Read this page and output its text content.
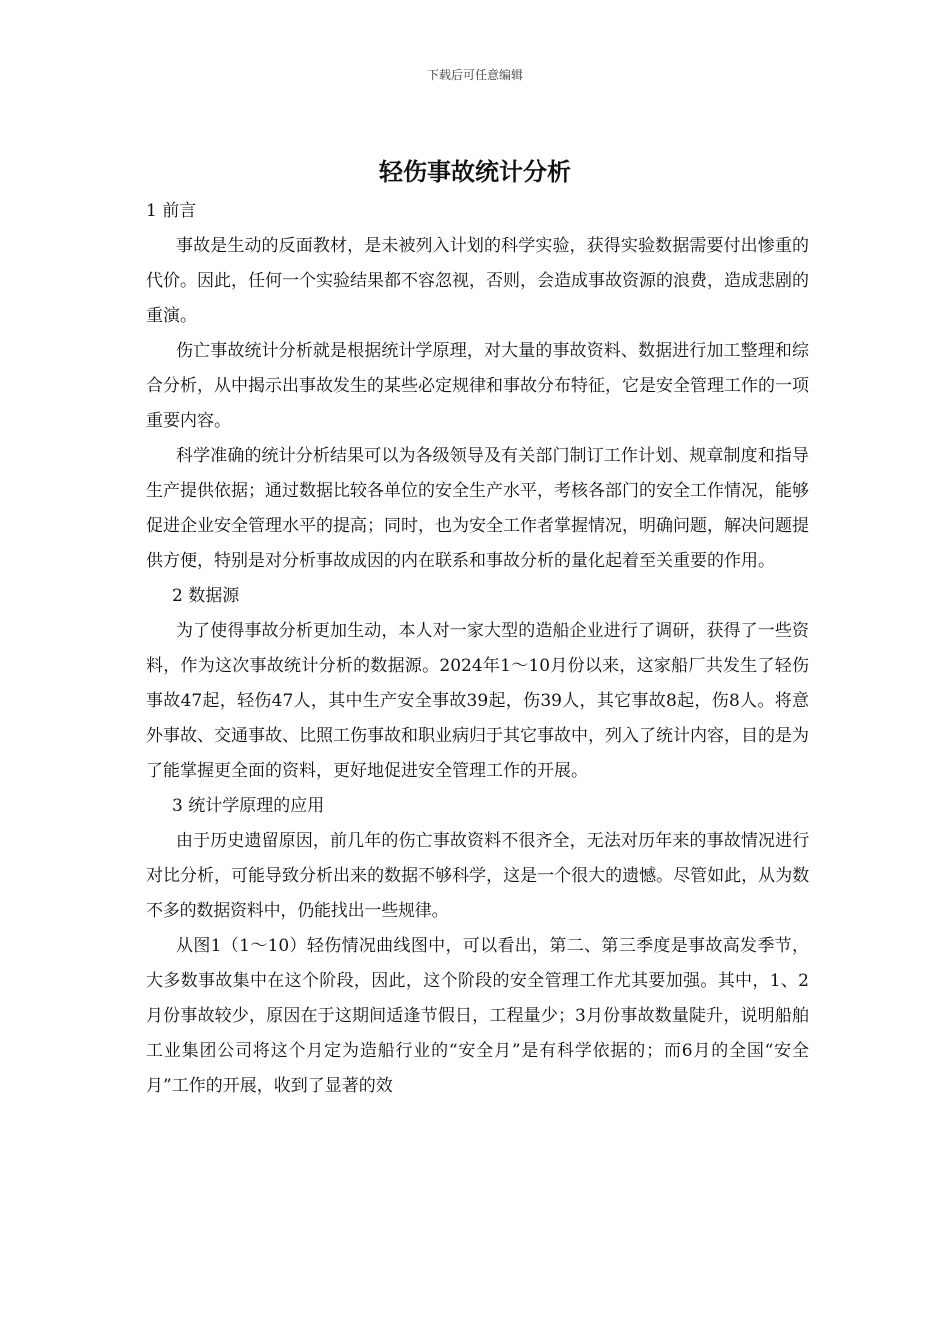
下载后可任意编辑
轻伤事故统计分析

1 前言

事故是生动的反面教材，是未被列入计划的科学实验，获得实验数据需要付出惨重的代价。因此，任何一个实验结果都不容忽视，否则，会造成事故资源的浪费，造成悲剧的重演。

伤亡事故统计分析就是根据统计学原理，对大量的事故资料、数据进行加工整理和综合分析，从中揭示出事故发生的某些必定规律和事故分布特征，它是安全管理工作的一项重要内容。

科学准确的统计分析结果可以为各级领导及有关部门制订工作计划、规章制度和指导生产提供依据；通过数据比较各单位的安全生产水平，考核各部门的安全工作情况，能够促进企业安全管理水平的提高；同时，也为安全工作者掌握情况，明确问题，解决问题提供方便，特别是对分析事故成因的内在联系和事故分析的量化起着至关重要的作用。

2 数据源

为了使得事故分析更加生动，本人对一家大型的造船企业进行了调研，获得了一些资料，作为这次事故统计分析的数据源。2024年1～10月份以来，这家船厂共发生了轻伤事故47起，轻伤47人，其中生产安全事故39起，伤39人，其它事故8起，伤8人。将意外事故、交通事故、比照工伤事故和职业病归于其它事故中，列入了统计内容，目的是为了能掌握更全面的资料，更好地促进安全管理工作的开展。

3 统计学原理的应用

由于历史遗留原因，前几年的伤亡事故资料不很齐全，无法对历年来的事故情况进行对比分析，可能导致分析出来的数据不够科学，这是一个很大的遗憾。尽管如此，从为数不多的数据资料中，仍能找出一些规律。

从图1（1～10）轻伤情况曲线图中，可以看出，第二、第三季度是事故高发季节，大多数事故集中在这个阶段，因此，这个阶段的安全管理工作尤其要加强。其中，1、2月份事故较少，原因在于这期间适逢节假日，工程量少；3月份事故数量陡升，说明船舶工业集团公司将这个月定为造船行业的“安全月”是有科学依据的；而6月的全国“安全月”工作的开展，收到了显著的效
